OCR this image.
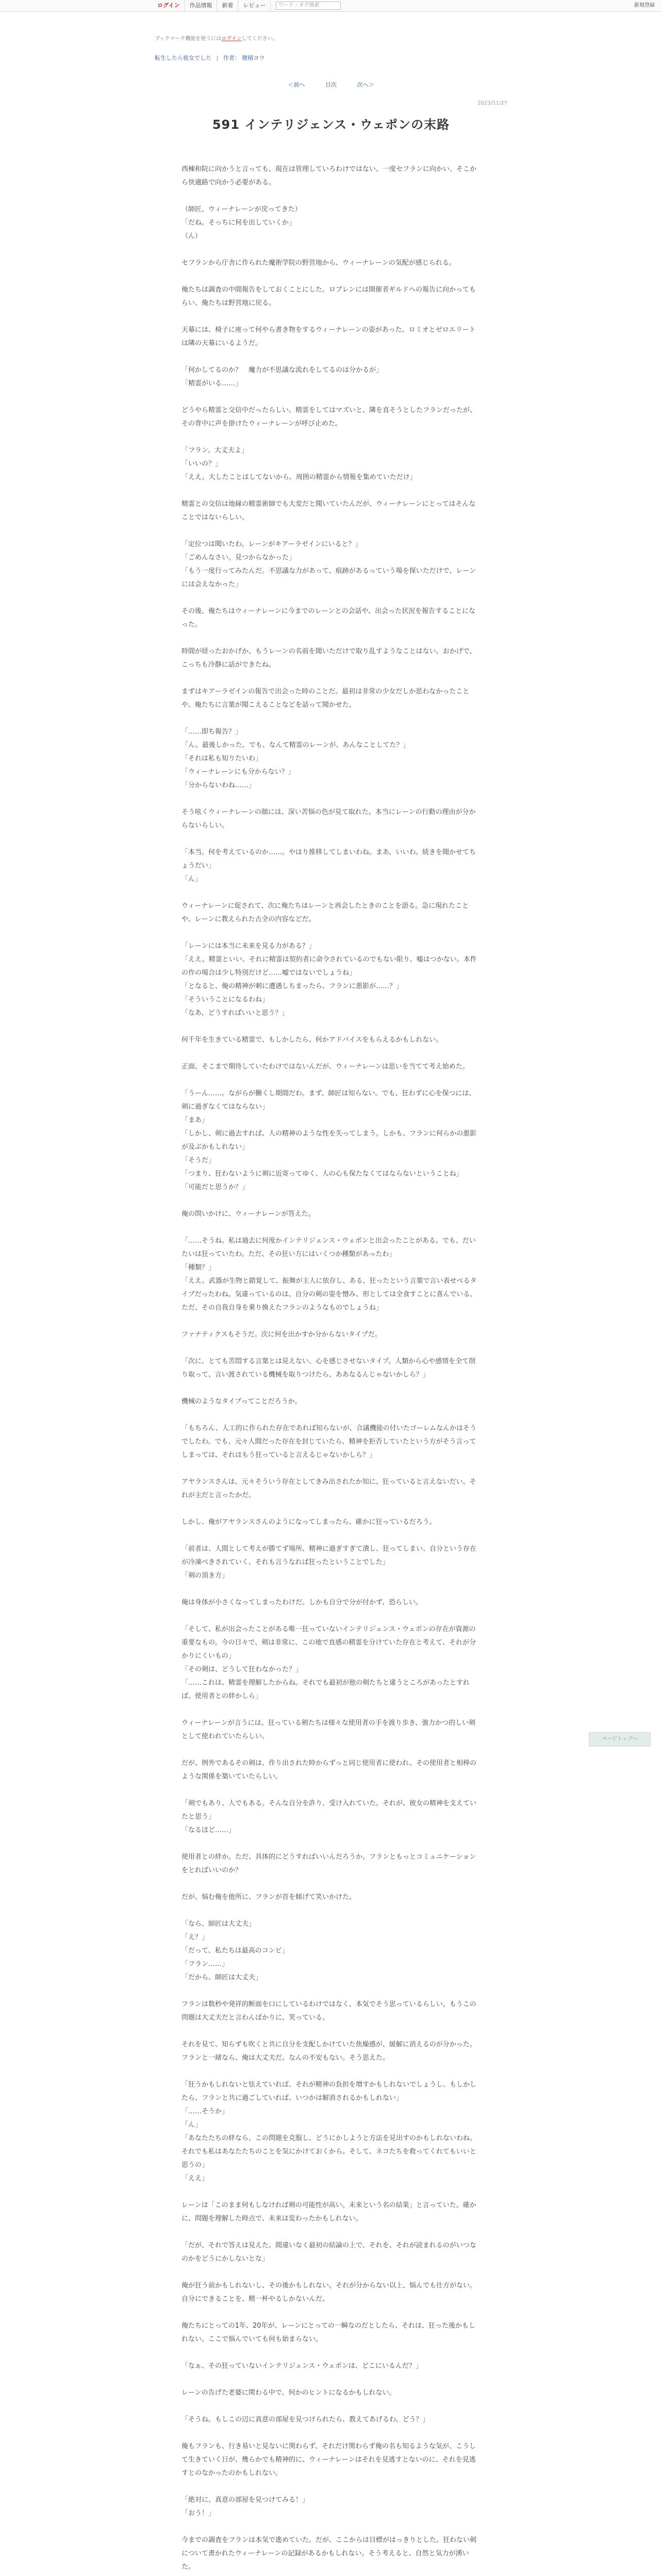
ログイン	作品情報	新着	レビュー	ワード・タグ検索	新規登録
ブックマーク機能を使うにはログインしてください。
転生したら彼女でした | 作者： 穂積ヨウ
＜前へ	目次	次へ＞
2023/11/27
591 インテリジェンス・ウェポンの末路

西棟和院に向かうと言っても、現在は管理していろわけではない。一度セフランに向かい、そこから快適路で向かう必要がある。

（師匠、ウィーナレーンが戻ってきた）

「だね。そっちに何を出していくか」

（ん）

セフランから庁舎に作られた魔術学院の野営地から、ウィーナレーンの気配が感じられる。

俺たちは調査の中間報告をしておくことにした。ロブレンには開催者ギルドへの報告に向かってもらい、俺たちは野営地に戻る。

天幕には、椅子に座って何やら書き物をするウィーナレーンの姿があった。ロミオとゼロエリートは隣の天幕にいるようだ。

「何かしてるのか？　魔力が不思議な流れをしてるのは分かるが」

「精霊がいる……」

どうやら精霊と交信中だったらしい。精霊をしてはマズいと、隣を直そうとしたフランだったが、その背中に声を掛けたウィーナレーンが呼び止めた。

「フラン。大丈夫よ」

「いいの？」

「ええ。大したことはしてないから。周囲の精霊から情報を集めていただけ」

精霊との交信は地縁の精霊術師でも大変だと聞いていたんだが、ウィーナレーンにとってはそんなことではないらしい。

「定位つは聞いたわ。レーンがキアーラゼインにいると？」

「ごめんなさい。見つからなかった」

「もう一度行ってみたんだ。不思議な力があって、痕跡があるっていう場を探いただけで、レーンには会えなかった」

その後、俺たちはウィーナレーンに今までのレーンとの会話や、出会った状況を報告することになった。

時間が経ったおかげか、もうレーンの名前を聞いただけで取り乱すようなことはない。おかげで、こっちも冷静に話ができたね。

まずはキアーラゼインの報告で出会った時のことだ。最初は非常の少女だしか思わなかったことや、俺たちに言葉が聞こえることなどを話って聞かせた。

「……即ち報告？」

「ん。最後しかった。でも、なんて精霊のレーンが、あんなことしてた？」

「それは私も知りたいわ」

「ウィーナレーンにも分からない？」

「分からないわね……」

そう呟くウィーナレーンの顔には、深い苦悩の色が見て取れた。本当にレーンの行動の理由が分からないらしい。

「本当。何を考えているのか……。やはり推移してしまいわね。まあ、いいわ。続きを聞かせてちょうだい」

「ん」

ウィーナレーンに促されて、次に俺たちはレーンと再会したときのことを語る。急に現れたことや、レーンに教えられた古全の内容などだ。

「レーンには本当に未来を見る力がある？」

「ええ。精霊といい、それに精霊は契約者に命令されているのでもない限り、嘘はつかない。本件の作の場合は少し特別だけど……嘘ではないでしょうね」

「となると、俺の精神が刺に遭遇しちまったら、フランに悪影が……？」

「そういうことになるわね」

「なあ、どうすればいいと思う？」

何千年を生きている精霊で、もしかしたら、何かアドバイスをもらえるかもしれない。

正面、そこまで期待していたわけではないんだが、ウィーナレーンは思いを当てて考え始めた。

「うーん……。ながらが働くし期間だわ。まず、師匠は知らない。でも、狂わずに心を保つには、剣に過ぎなくてはならない」

「まあ」

「しかし、剣に過去すれば、人の精神のような性を失ってしまう。しかも、フランに何らかの悪影が及ぶかもしれない」

「そうだ」

「つまり、狂わないように剣に近寄ってゆく、人の心も保たなくてはならないということね」

「可能だと思うか？」

俺の問いかけに、ウィーナレーンが答えた。

「……そうね。私は過去に何度かインテリジェンス・ウェポンと出会ったことがある。でも、だいたいは狂っていたわ。ただ、その狂い方にはいくつか種類があったわ」

「種類？」

「ええ。武器が生物と錯覚して、振舞が主人に依存し、ある、狂ったという言葉で言い表せべるタイプだったわね。気違っているのは、自分の剣の姿を憎み、形としては全食すことに喜んでいる。ただ、その自我自身を乗り換えたフランのようなものでしょうね」

ファナティクスもそうだ。次に何を出かすか分からないタイプだ。

「次に、とても苦悶する言葉とは見えない、心を感じさせないタイプ。人類から心や感情を全て削り取って、言い渡されている機械を取りつけたら、ああなるんじゃないかしら？」

機械のようなタイプってことだろうか。

「もちろん、人工的に作られた存在であれば知らないが、合議機能の付いたゴーレムなんかはそうでしたわ。でも、元々人間だった存在を封じていたら、精神を拒否していたという方がそう言ってしまっては、それはもう狂っていると言えるじゃないかしら？」

アヤランスさんは、元々そういう存在としてきみ出されたか知に、狂っていると言えないだい。それが主だと言ったかだ。

しかし、俺がアヤランスさんのようになってしまったら、確かに狂っているだろう。

「前者は、人間として考えが勝てず場所、精神に過ぎすぎて潰し、狂ってしまい、自分という存在が冷凍べきされていく、それも言うなれば狂ったということでした」

「剣の頂き方」

俺は身体が小さくなってしまったわけだ。しかも自分で分が付かず、恐らしい。

「そして、私が出会ったことがある唯一狂っていないインテリジェンス・ウェポンの存在が資源の重要なもの。今の日々で、剣は非常に、この地で直感の精霊を分けていた存在と考えて、それが分かりにくいもの」

「その剣は、どうして狂わなかった？」

「……これは、精霊を理解したからね。それでも最初が他の剣たちと違うところがあったとすれば、使用者との絆かしら」

ウィーナレーンが言うには、狂っている剣たちは様々な使用者の手を渡り歩き、強力かつ的しい剣として使われていたらしい。

だが、例外であるその剣は、作り出された時からずっと同じ使用者に使われ、その使用者と相棒のような関係を築いていたらしい。

「剣でもあり、人でもある。そんな自分を許り、受け入れていた。それが、彼女の精神を支えていたと思う」

「なるほど……」

使用者との絆か。ただ、具体的にどうすればいいんだろうか。フランともっとコミュニケーションをとればいいのか？

だが、悩む俺を他所に、フランが首を傾げて笑いかけた。

「なら、師匠は大丈夫」

「え？」

「だって、私たちは最高のコンビ」

「フラン……」

「だから、師匠は大丈夫」

フランは数秒や発祥的断面を口にしているわけではなく、本気でそう思っているらしい。もうこの問題は大丈夫だと言わんばかりに、笑っている。

それを見て、知らずも吹くと共に自分を支配しかけていた焦燥感が、緩解に消えるのが分かった。フランと一緒なら、俺は大丈夫だ。なんの不安もない。そう思えた。

「狂うかもしれないと怯えていれば、それが精神の負担を増すかもしれないでしょうし、もしかしたら、フランと共に過ごしていれば、いつかは解消されるかもしれない」

「……そうか」

「ん」

「あなたたちの絆なら、この問題を克服し、どうにかしようと方法を見出すのかもしれないわね。それでも私はあなたたちのことを気にかけておくから。そして、ネコたちを救ってくれてもいいと思うの」

「ええ」

レーンは「このまま何もしなければ剣の可能性が高い。未来という名の結果」と言っていた。確かに、問題を理解した時点で、未来は変わったかもしれない。

「だが、それで答えは見えた。間違いなく最初の結論の上で、それを、それが読まれるのがいつなのかをどうにかしないとな」

俺が狂う前かもしれないし、その後かもしれない。それが分からない以上、悩んでも仕方がない。自分にできることを、精一杯やるしかないんだ。

俺たちにとっての1年、20年が、レーンにとっての一瞬なのだとしたら、それは、狂った後かもしれない。ここで悩んでいても何も始まらない。

「なぁ、その狂っていないインテリジェンス・ウェポンは、どこにいるんだ？」

レーンの告げた老婆に関わる中で、何かのヒントになるかもしれない。

「そうね。もしこの辺に真意の部屋を見つけられたら、教えてあげるわ。どう？」

俺もフランも、行き易いと見ないに関わらず、それだけ関わらず俺の名も知るような気が、こうして生きていく日が、幾らかでも精神的に、ウィーナレーンはそれを見逃すとないのに、それを見逃すとのなかったのかもしれない。

「絶対に、真意の部屋を見つけてみる！」

「おう！」

今までの調査をフランは本気で進めていた。だが、ここからは目標がはっきりとした。狂わない剣について書かれたウィーナレーンの記録があるかもしれない。そう考えると、自然と気力が湧いた。

ページトップへ
